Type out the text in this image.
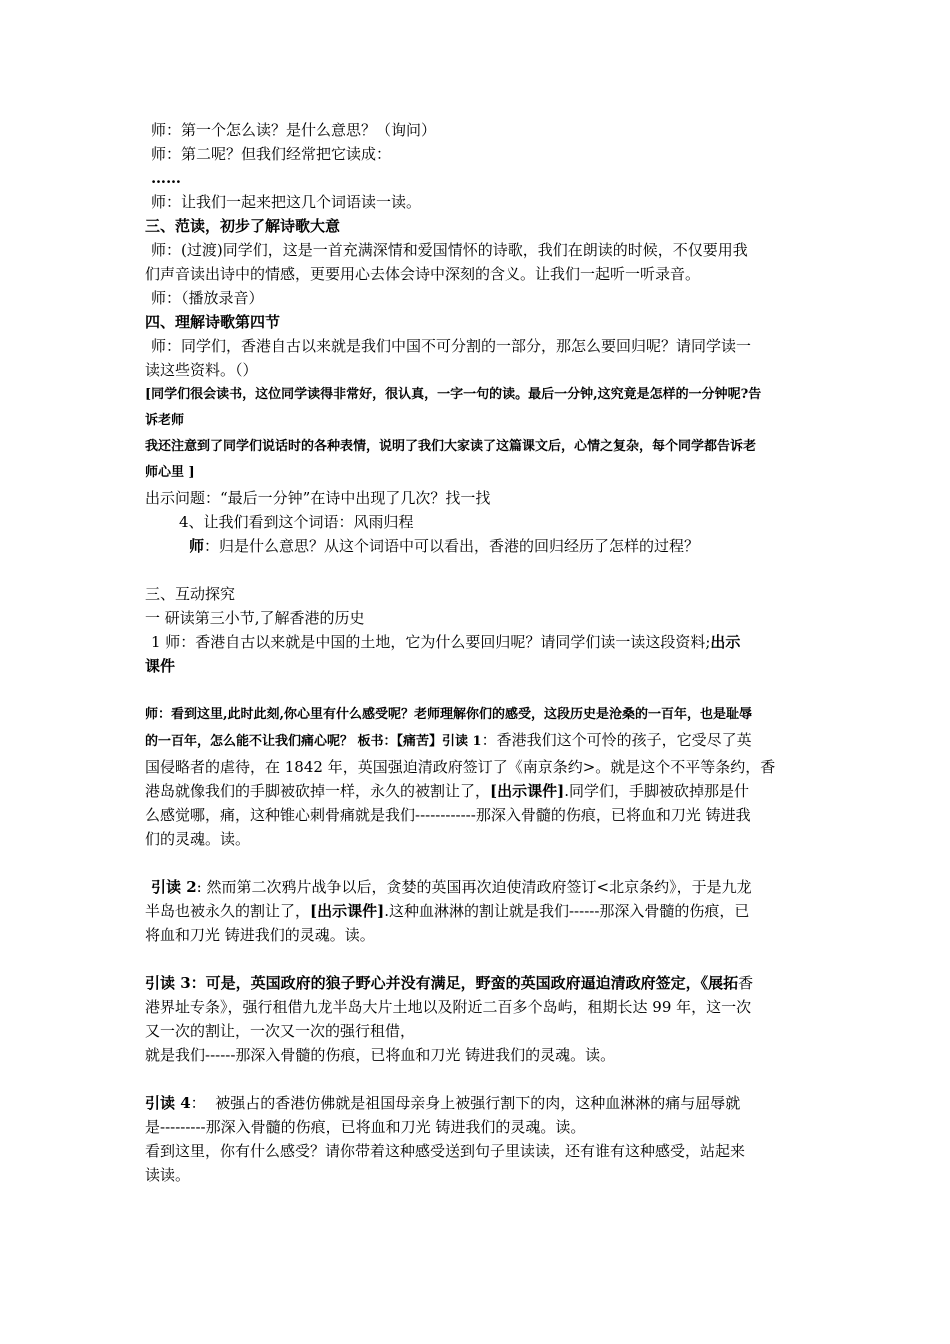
师：第一个怎么读？是什么意思？（询问）

师：第二呢？但我们经常把它读成：

……

师：让我们一起来把这几个词语读一读。

三、范读，初步了解诗歌大意

师：(过渡)同学们，这是一首充满深情和爱国情怀的诗歌，我们在朗读的时候，不仅要用我

们声音读出诗中的情感，更要用心去体会诗中深刻的含义。让我们一起听一听录音。

师：（播放录音）

四、理解诗歌第四节

师：同学们，香港自古以来就是我们中国不可分割的一部分，那怎么要回归呢？请同学读一

读这些资料。（）

[同学们很会读书，这位同学读得非常好，很认真，一字一句的读。最后一分钟,这究竟是怎样的一分钟呢?告

诉老师

我还注意到了同学们说话时的各种表情，说明了我们大家读了这篇课文后，心情之复杂，每个同学都告诉老

师心里 ]

出示问题：“最后一分钟”在诗中出现了几次？找一找

4、让我们看到这个词语：风雨归程

师：归是什么意思？从这个词语中可以看出，香港的回归经历了怎样的过程？

三、互动探究

一 研读第三小节,了解香港的历史

1 师：香港自古以来就是中国的土地，它为什么要回归呢？请同学们读一读这段资料;出示

课件

师：看到这里,此时此刻,你心里有什么感受呢？老师理解你们的感受，这段历史是沧桑的一百年，也是耻辱

的一百年，怎么能不让我们痛心呢？ 板书：【痛苦】引读 1：香港我们这个可怜的孩子，它受尽了英

国侵略者的虐待，在 1842 年，英国强迫清政府签订了《南京条约>。就是这个不平等条约，香

港岛就像我们的手脚被砍掉一样，永久的被割让了，[出示课件].同学们，手脚被砍掉那是什

么感觉哪，痛，这种锥心刺骨痛就是我们------------那深入骨髓的伤痕，已将血和刀光 铸进我

们的灵魂。读。

引读 2: 然而第二次鸦片战争以后，贪婪的英国再次迫使清政府签订<北京条约》，于是九龙

半岛也被永久的割让了，[出示课件].这种血淋淋的割让就是我们------那深入骨髓的伤痕，已

将血和刀光 铸进我们的灵魂。读。

引读 3：可是，英国政府的狼子野心并没有满足，野蛮的英国政府逼迫清政府签定，《展拓香

港界址专条》，强行租借九龙半岛大片土地以及附近二百多个岛屿，租期长达 99 年，这一次

又一次的割让，一次又一次的强行租借，

就是我们------那深入骨髓的伤痕，已将血和刀光 铸进我们的灵魂。读。

引读 4：  被强占的香港仿佛就是祖国母亲身上被强行割下的肉，这种血淋淋的痛与屈辱就

是---------那深入骨髓的伤痕，已将血和刀光 铸进我们的灵魂。读。

看到这里，你有什么感受？请你带着这种感受送到句子里读读，还有谁有这种感受，站起来

读读。
